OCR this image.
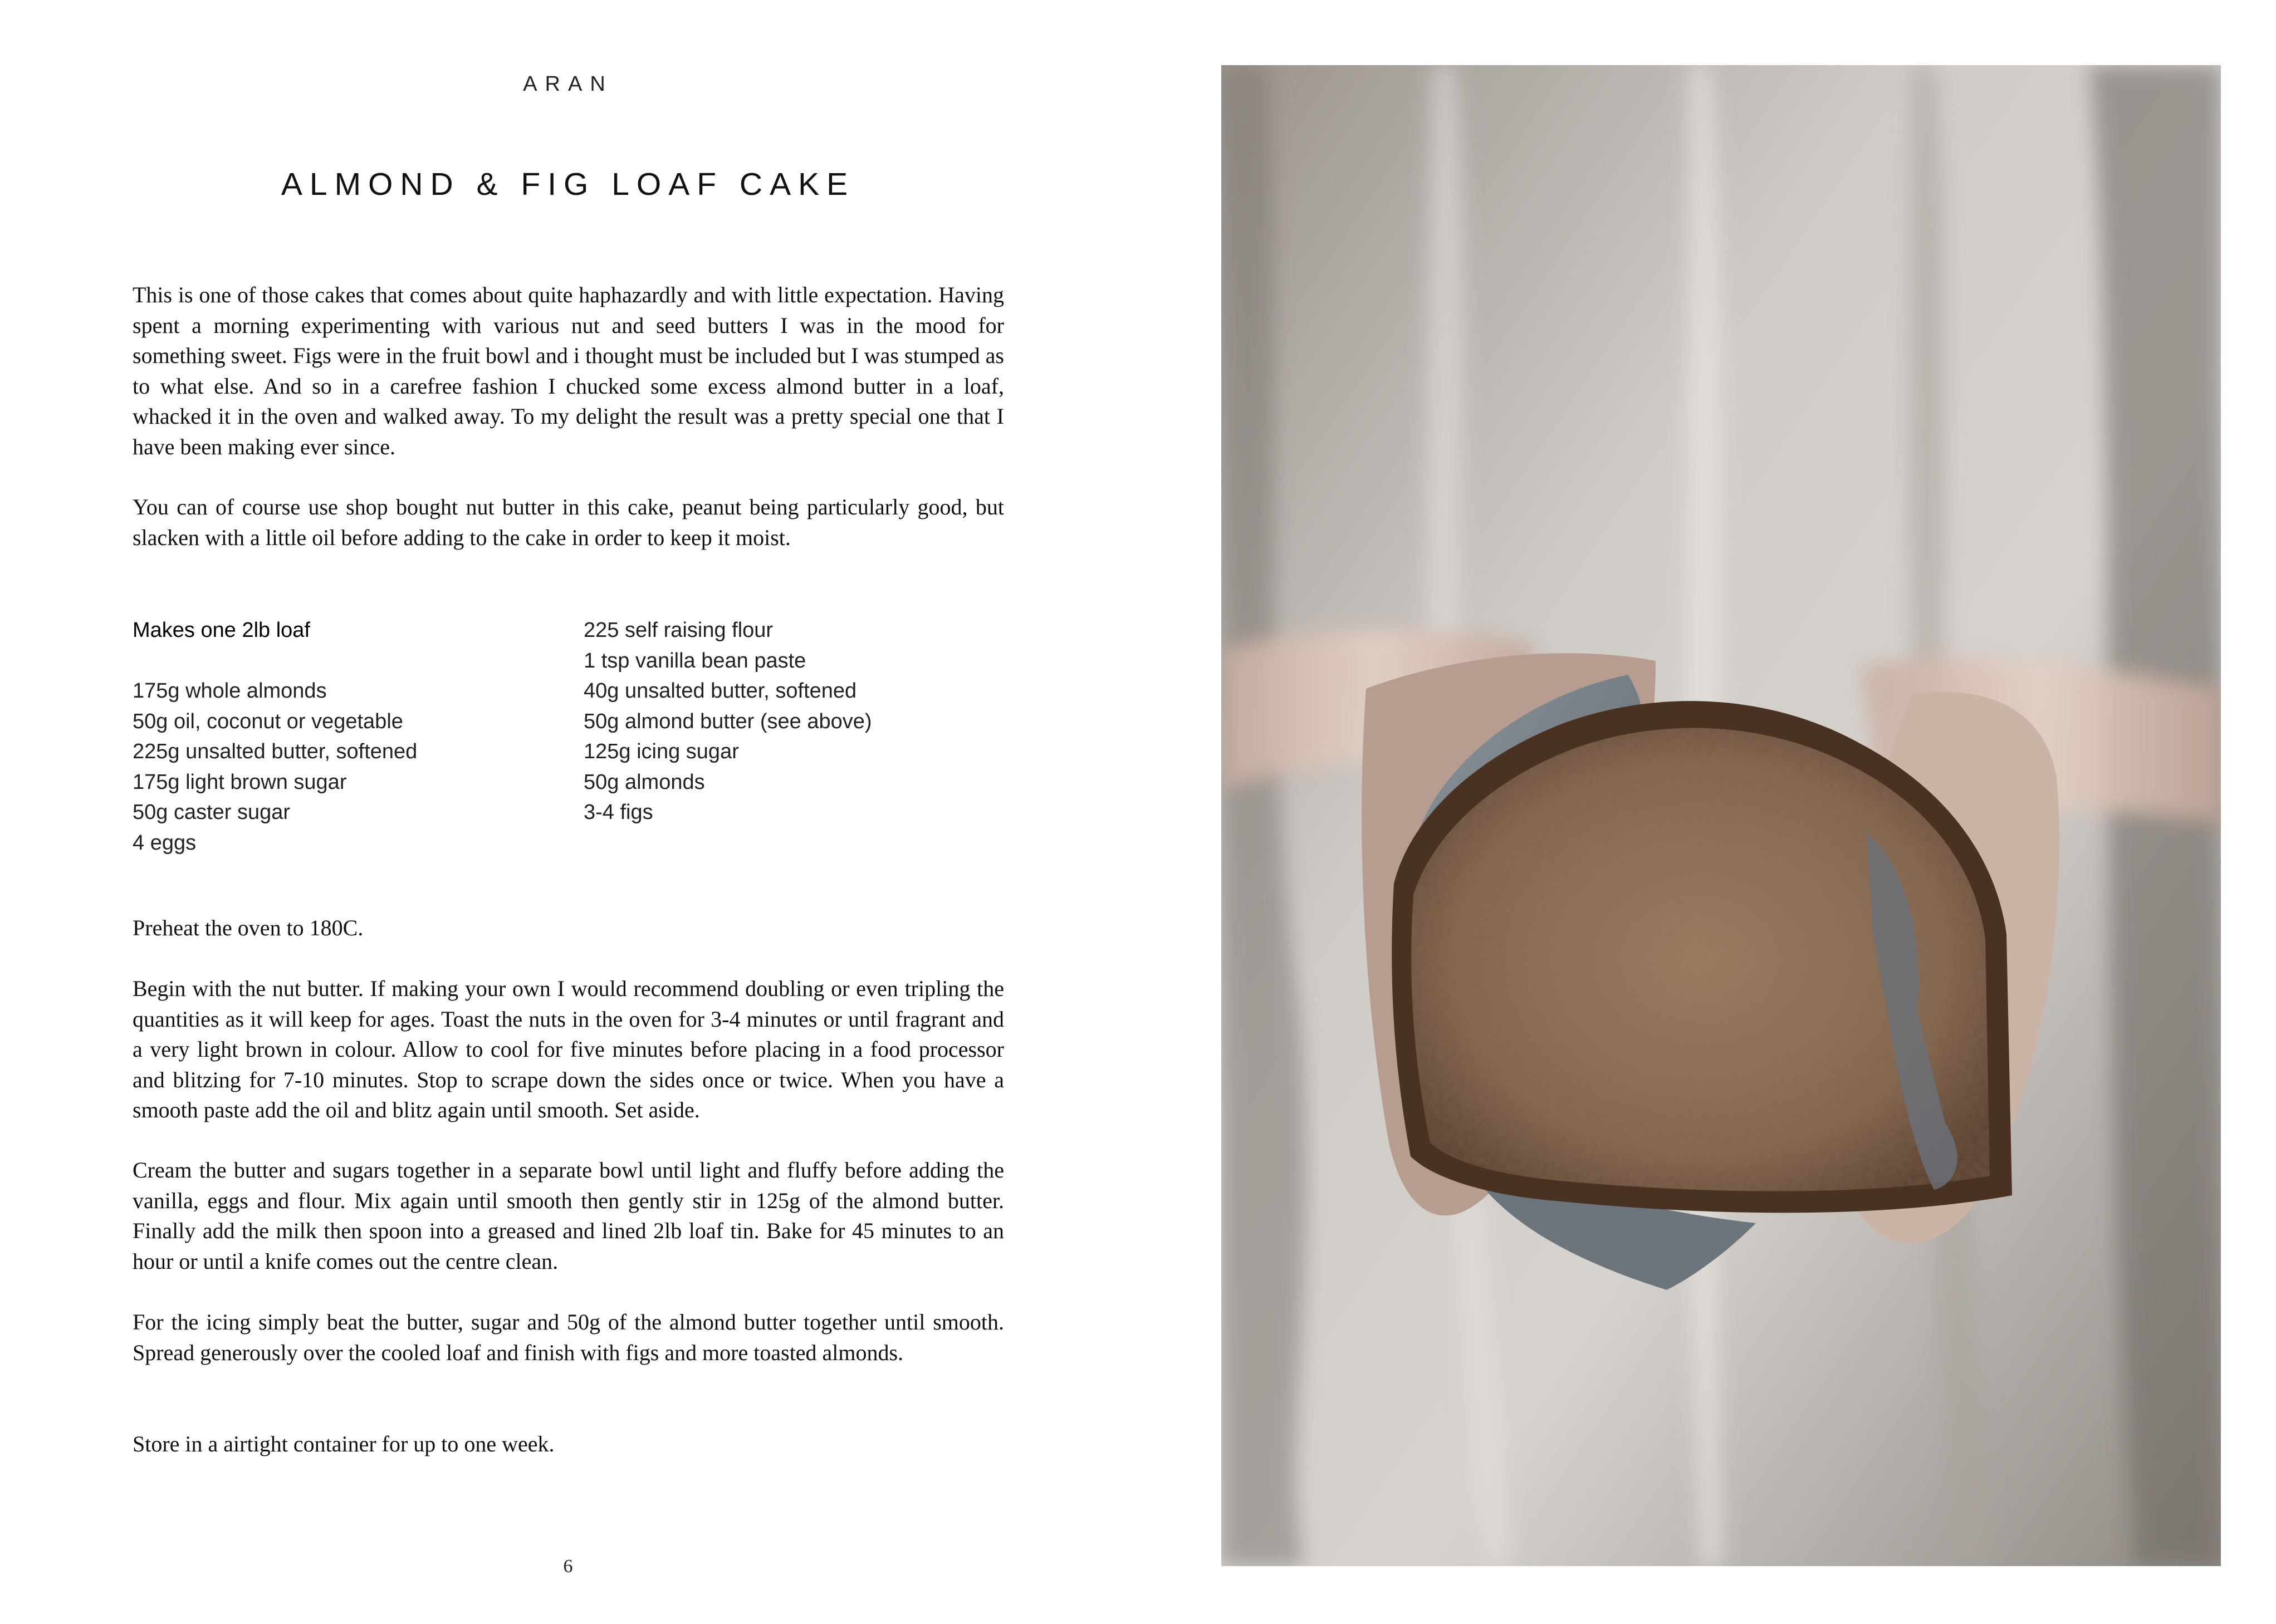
ARAN
ALMOND & FIG LOAF CAKE

This is one of those cakes that comes about quite haphazardly and with little expectation. Having spent a morning experimenting with various nut and seed butters I was in the mood for something sweet. Figs were in the fruit bowl and i thought must be included but I was stumped as to what else. And so in a carefree fashion I chucked some excess almond butter in a loaf, whacked it in the oven and walked away. To my delight the result was a pretty special one that I have been making ever since.

You can of course use shop bought nut butter in this cake, peanut being particularly good, but slacken with a little oil before adding to the cake in order to keep it moist.

Makes one 2lb loaf
175g whole almonds
50g oil, coconut or vegetable
225g unsalted butter, softened
175g light brown sugar
50g caster sugar
4 eggs
225 self raising flour
1 tsp vanilla bean paste
40g unsalted butter, softened
50g almond butter (see above)
125g icing sugar
50g almonds
3-4 figs

Preheat the oven to 180C.

Begin with the nut butter. If making your own I would recommend doubling or even tripling the quantities as it will keep for ages. Toast the nuts in the oven for 3-4 minutes or until fragrant and a very light brown in colour. Allow to cool for five minutes before placing in a food processor and blitzing for 7-10 minutes. Stop to scrape down the sides once or twice. When you have a smooth paste add the oil and blitz again until smooth. Set aside.

Cream the butter and sugars together in a separate bowl until light and fluffy before adding the vanilla, eggs and flour. Mix again until smooth then gently stir in 125g of the almond butter. Finally add the milk then spoon into a greased and lined 2lb loaf tin. Bake for 45 minutes to an hour or until a knife comes out the centre clean.

For the icing simply beat the butter, sugar and 50g of the almond butter together until smooth. Spread generously over the cooled loaf and finish with figs and more toasted almonds.

Store in a airtight container for up to one week.

6
